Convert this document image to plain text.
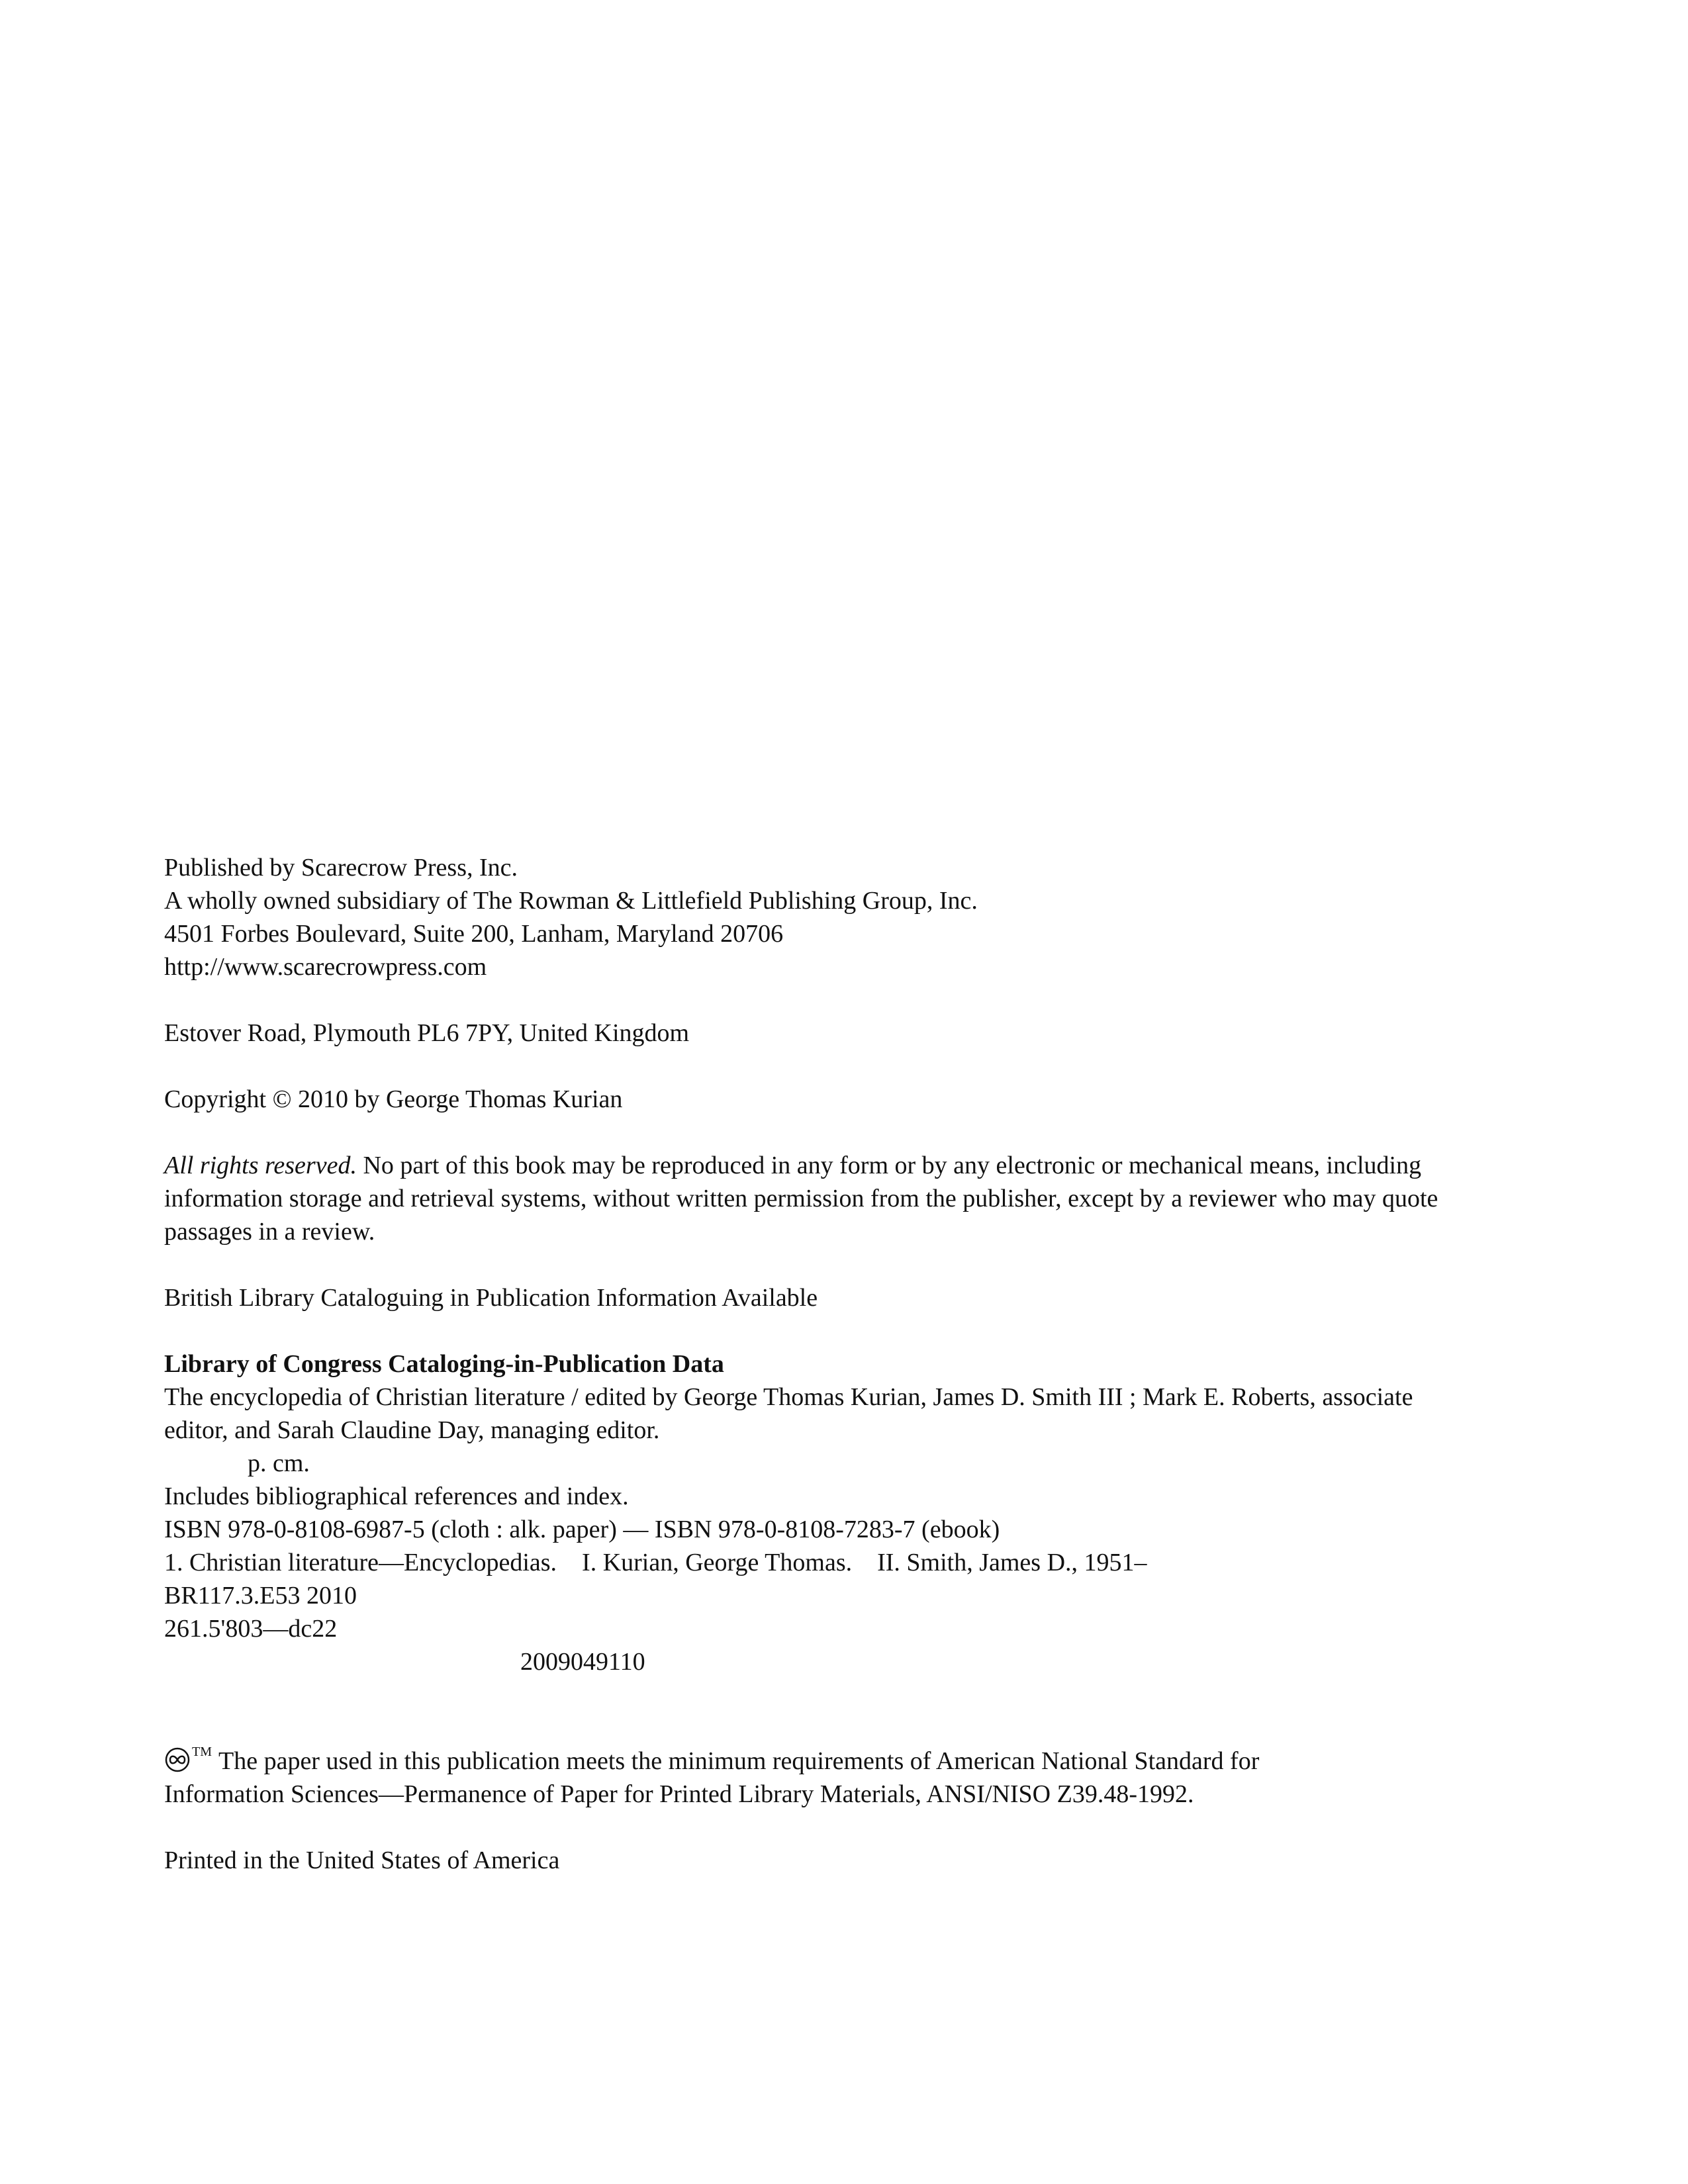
Published by Scarecrow Press, Inc.
A wholly owned subsidiary of The Rowman & Littlefield Publishing Group, Inc.
4501 Forbes Boulevard, Suite 200, Lanham, Maryland 20706
http://www.scarecrowpress.com
Estover Road, Plymouth PL6 7PY, United Kingdom
Copyright © 2010 by George Thomas Kurian
All rights reserved. No part of this book may be reproduced in any form or by any electronic or mechanical means, including information storage and retrieval systems, without written permission from the publisher, except by a reviewer who may quote passages in a review.
British Library Cataloguing in Publication Information Available
Library of Congress Cataloging-in-Publication Data
The encyclopedia of Christian literature / edited by George Thomas Kurian, James D. Smith III ; Mark E. Roberts, associate
editor, and Sarah Claudine Day, managing editor.
p. cm.
Includes bibliographical references and index.
ISBN 978-0-8108-6987-5 (cloth : alk. paper) — ISBN 978-0-8108-7283-7 (ebook)
1. Christian literature—Encyclopedias. I. Kurian, George Thomas. II. Smith, James D., 1951–
BR117.3.E53 2010
261.5'803—dc22
2009049110
™ The paper used in this publication meets the minimum requirements of American National Standard for
Information Sciences—Permanence of Paper for Printed Library Materials, ANSI/NISO Z39.48-1992.
Printed in the United States of America
